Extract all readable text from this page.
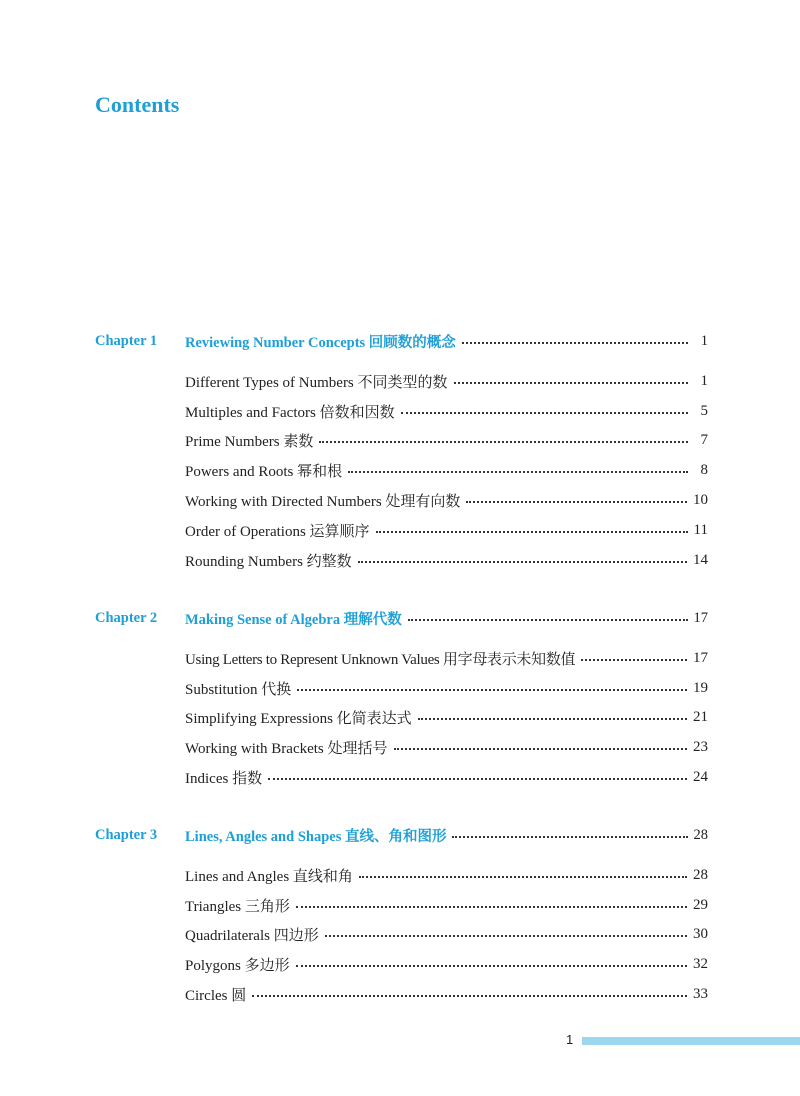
Contents
Chapter 1	Reviewing Number Concepts 回顾数的概念	1
Different Types of Numbers 不同类型的数	1
Multiples and Factors 倍数和因数	5
Prime Numbers 素数	7
Powers and Roots 幂和根	8
Working with Directed Numbers 处理有向数	10
Order of Operations 运算顺序	11
Rounding Numbers 约整数	14
Chapter 2	Making Sense of Algebra 理解代数	17
Using Letters to Represent Unknown Values 用字母表示未知数值	17
Substitution 代换	19
Simplifying Expressions 化简表达式	21
Working with Brackets 处理括号	23
Indices 指数	24
Chapter 3	Lines, Angles and Shapes 直线、角和图形	28
Lines and Angles 直线和角	28
Triangles 三角形	29
Quadrilaterals 四边形	30
Polygons 多边形	32
Circles 圆	33
1
